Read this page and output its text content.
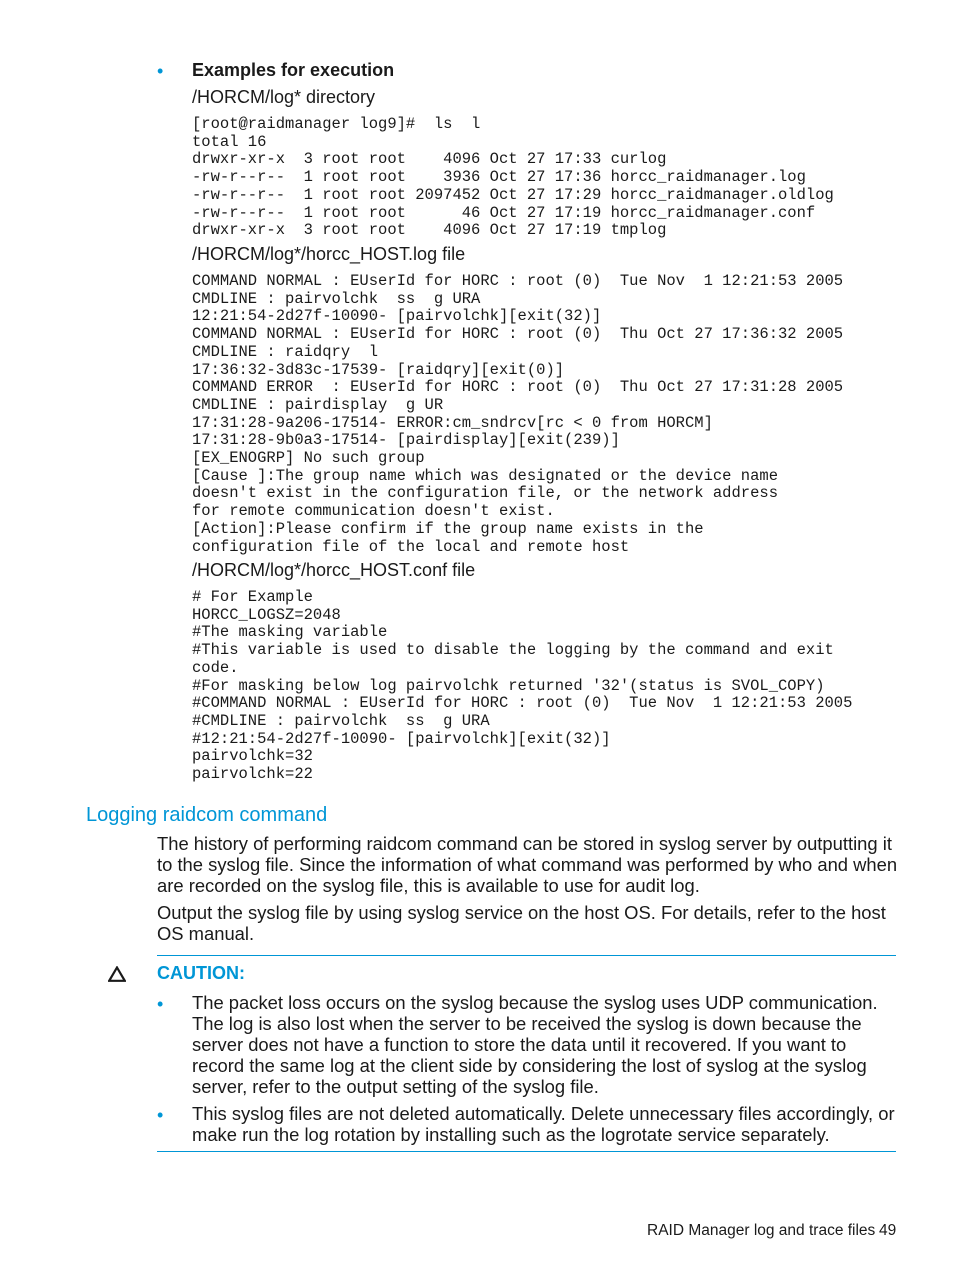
• Examples for execution
/HORCM/log* directory
[root@raidmanager log9]#  ls  l
total 16
drwxr-xr-x  3 root root    4096 Oct 27 17:33 curlog
-rw-r--r--  1 root root    3936 Oct 27 17:36 horcc_raidmanager.log
-rw-r--r--  1 root root 2097452 Oct 27 17:29 horcc_raidmanager.oldlog
-rw-r--r--  1 root root      46 Oct 27 17:19 horcc_raidmanager.conf
drwxr-xr-x  3 root root    4096 Oct 27 17:19 tmplog
/HORCM/log*/horcc_HOST.log file
COMMAND NORMAL : EUserId for HORC : root (0)  Tue Nov  1 12:21:53 2005
CMDLINE : pairvolchk  ss  g URA
12:21:54-2d27f-10090- [pairvolchk][exit(32)]
COMMAND NORMAL : EUserId for HORC : root (0)  Thu Oct 27 17:36:32 2005
CMDLINE : raidqry  l
17:36:32-3d83c-17539- [raidqry][exit(0)]
COMMAND ERROR  : EUserId for HORC : root (0)  Thu Oct 27 17:31:28 2005
CMDLINE : pairdisplay  g UR
17:31:28-9a206-17514- ERROR:cm_sndrcv[rc < 0 from HORCM]
17:31:28-9b0a3-17514- [pairdisplay][exit(239)]
[EX_ENOGRP] No such group
[Cause ]:The group name which was designated or the device name
doesn't exist in the configuration file, or the network address
for remote communication doesn't exist.
[Action]:Please confirm if the group name exists in the
configuration file of the local and remote host
/HORCM/log*/horcc_HOST.conf file
# For Example
HORCC_LOGSZ=2048
#The masking variable
#This variable is used to disable the logging by the command and exit
code.
#For masking below log pairvolchk returned '32'(status is SVOL_COPY)
#COMMAND NORMAL : EUserId for HORC : root (0)  Tue Nov  1 12:21:53 2005
#CMDLINE : pairvolchk  ss  g URA
#12:21:54-2d27f-10090- [pairvolchk][exit(32)]
pairvolchk=32
pairvolchk=22
Logging raidcom command

The history of performing raidcom command can be stored in syslog server by outputting it to the syslog file. Since the information of what command was performed by who and when are recorded on the syslog file, this is available to use for audit log.

Output the syslog file by using syslog service on the host OS. For details, refer to the host OS manual.

CAUTION:
• The packet loss occurs on the syslog because the syslog uses UDP communication. The log is also lost when the server to be received the syslog is down because the server does not have a function to store the data until it recovered. If you want to record the same log at the client side by considering the lost of syslog at the syslog server, refer to the output setting of the syslog file.

• This syslog files are not deleted automatically. Delete unnecessary files accordingly, or make run the log rotation by installing such as the logrotate service separately.

RAID Manager log and trace files 49
